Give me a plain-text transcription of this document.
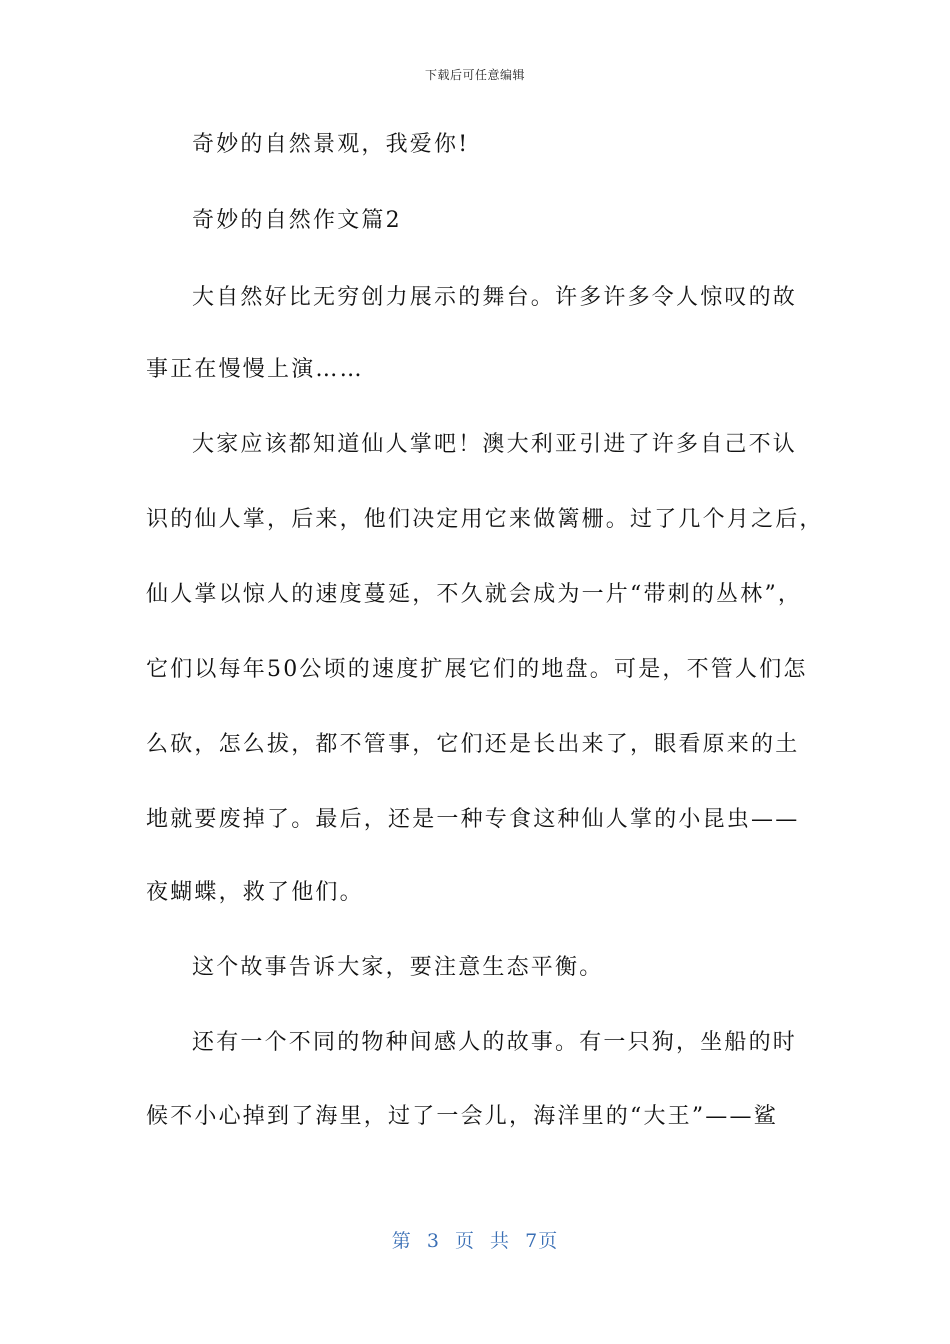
下载后可任意编辑
奇妙的自然景观，我爱你!
奇妙的自然作文篇2
大自然好比无穷创力展示的舞台。许多许多令人惊叹的故
事正在慢慢上演……
大家应该都知道仙人掌吧！澳大利亚引进了许多自己不认
识的仙人掌，后来，他们决定用它来做篱栅。过了几个月之后，
仙人掌以惊人的速度蔓延，不久就会成为一片“带刺的丛林”，
它们以每年50公顷的速度扩展它们的地盘。可是，不管人们怎
么砍，怎么拔，都不管事，它们还是长出来了，眼看原来的土
地就要废掉了。最后，还是一种专食这种仙人掌的小昆虫——
夜蝴蝶，救了他们。
这个故事告诉大家，要注意生态平衡。
还有一个不同的物种间感人的故事。有一只狗，坐船的时
候不小心掉到了海里，过了一会儿，海洋里的“大王”——鲨
第 3 页 共 7页
